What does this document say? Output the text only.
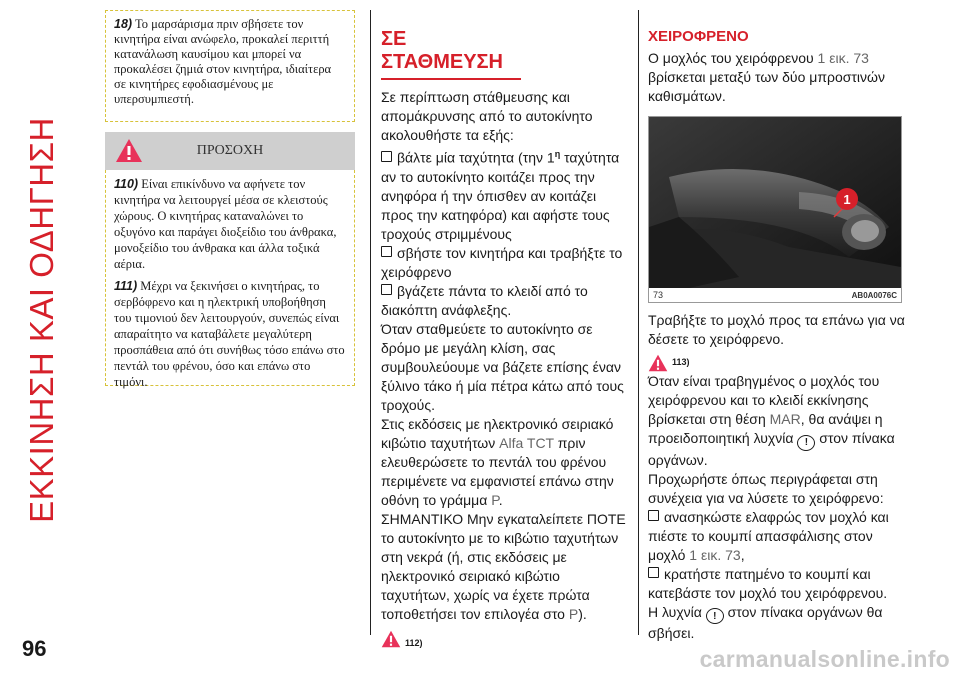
ΕΚΚΙΝΗΣΗ ΚΑΙ ΟΔΗΓΗΣΗ
18) Το μαρσάρισμα πριν σβήσετε τον κινητήρα είναι ανώφελο, προκαλεί περιττή κατανάλωση καυσίμου και μπορεί να προκαλέσει ζημιά στον κινητήρα, ιδιαίτερα σε κινητήρες εφοδιασμένους με υπερσυμπιεστή.
ΠΡΟΣΟΧΗ

110) Είναι επικίνδυνο να αφήνετε τον κινητήρα να λειτουργεί μέσα σε κλειστούς χώρους. Ο κινητήρας καταναλώνει το οξυγόνο και παράγει διοξείδιο του άνθρακα, μονοξείδιο του άνθρακα και άλλα τοξικά αέρια.

111) Μέχρι να ξεκινήσει ο κινητήρας, το σερβόφρενο και η ηλεκτρική υποβοήθηση του τιμονιού δεν λειτουργούν, συνεπώς είναι απαραίτητο να καταβάλετε μεγαλύτερη προσπάθεια από ότι συνήθως τόσο επάνω στο πεντάλ του φρένου, όσο και επάνω στο τιμόνι.

ΣΕ ΣΤΑΘΜΕΥΣΗ

Σε περίπτωση στάθμευσης και απομάκρυνσης από το αυτοκίνητο ακολουθήστε τα εξής:

βάλτε μία ταχύτητα (την $1^\eta$ ταχύτητα αν το αυτοκίνητο κοιτάζει προς την ανηφόρα ή την όπισθεν αν κοιτάζει προς την κατηφόρα) και αφήστε τους τροχούς στριμμένους

σβήστε τον κινητήρα και τραβήξτε το χειρόφρενο

βγάζετε πάντα το κλειδί από το διακόπτη ανάφλεξης.

Όταν σταθμεύετε το αυτοκίνητο σε δρόμο με μεγάλη κλίση, σας συμβουλεύουμε να βάζετε επίσης έναν ξύλινο τάκο ή μία πέτρα κάτω από τους τροχούς.

Στις εκδόσεις με ηλεκτρονικό σειριακό κιβώτιο ταχυτήτων Alfa TCT πριν ελευθερώσετε το πεντάλ του φρένου περιμένετε να εμφανιστεί επάνω στην οθόνη το γράμμα P.

ΣΗΜΑΝΤΙΚΟ Μην εγκαταλείπετε ΠΟΤΕ το αυτοκίνητο με το κιβώτιο ταχυτήτων στη νεκρά (ή, στις εκδόσεις με ηλεκτρονικό σειριακό κιβώτιο ταχυτήτων, χωρίς να έχετε πρώτα τοποθετήσει τον επιλογέα στο P).

112)
ΧΕΙΡΟΦΡΕΝΟ

Ο μοχλός του χειρόφρενου 1 εικ. 73 βρίσκεται μεταξύ των δύο μπροστινών καθισμάτων.

1
73	AB0A0076C

Τραβήξτε το μοχλό προς τα επάνω για να δέσετε το χειρόφρενο.

113)

Όταν είναι τραβηγμένος ο μοχλός του χειρόφρενου και το κλειδί εκκίνησης βρίσκεται στη θέση MAR, θα ανάψει η προειδοποιητική λυχνία ! στον πίνακα οργάνων.

Προχωρήστε όπως περιγράφεται στη συνέχεια για να λύσετε το χειρόφρενο:

ανασηκώστε ελαφρώς τον μοχλό και πιέστε το κουμπί απασφάλισης στον μοχλό 1 εικ. 73,

κρατήστε πατημένο το κουμπί και κατεβάστε τον μοχλό του χειρόφρενου.

Η λυχνία ! στον πίνακα οργάνων θα σβήσει.

96	carmanualsonline.info
